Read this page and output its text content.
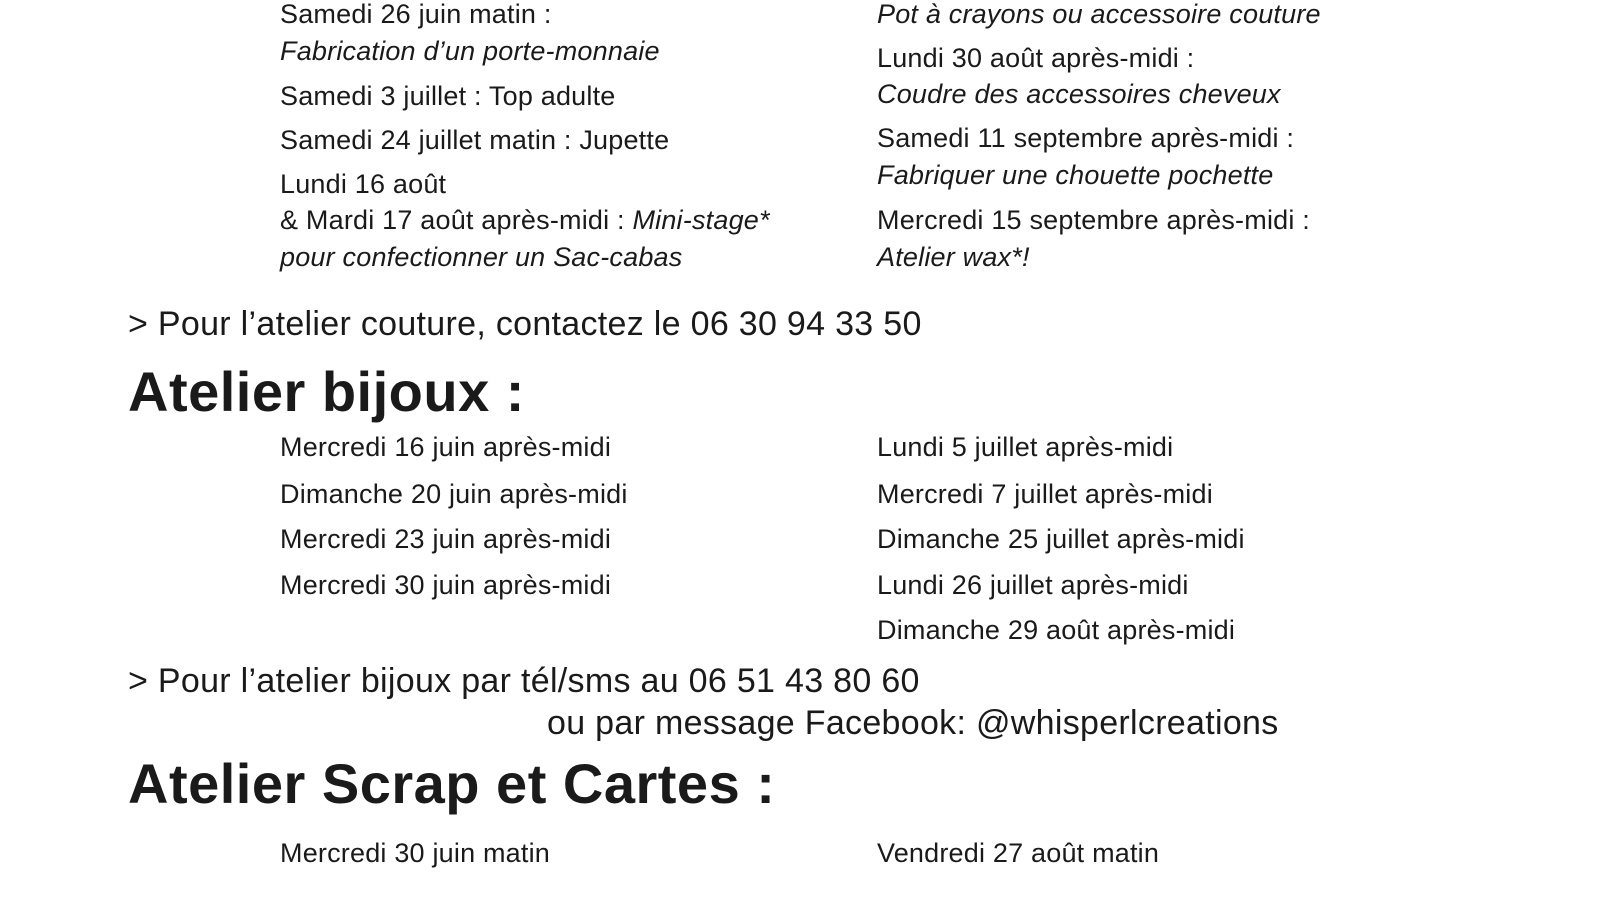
Samedi 26 juin matin :
Fabrication d’un porte-monnaie
Samedi 3 juillet : Top adulte
Samedi 24 juillet matin : Jupette
Lundi 16 août
& Mardi 17 août après-midi : Mini-stage*
pour confectionner un Sac-cabas
Pot à crayons ou accessoire couture
Lundi 30 août après-midi :
Coudre des accessoires cheveux
Samedi 11 septembre après-midi :
Fabriquer une chouette pochette
Mercredi 15 septembre après-midi :
Atelier wax*!
> Pour l’atelier couture, contactez le 06 30 94 33 50
Atelier bijoux :
Mercredi 16 juin après-midi
Dimanche 20 juin après-midi
Mercredi 23 juin après-midi
Mercredi 30 juin après-midi
Lundi 5 juillet après-midi
Mercredi 7 juillet après-midi
Dimanche 25 juillet après-midi
Lundi 26 juillet après-midi
Dimanche 29 août après-midi
> Pour l’atelier bijoux par tél/sms au 06 51 43 80 60
ou par message Facebook: @whisperlcreations
Atelier Scrap et Cartes :
Mercredi 30 juin matin	Vendredi 27 août matin
